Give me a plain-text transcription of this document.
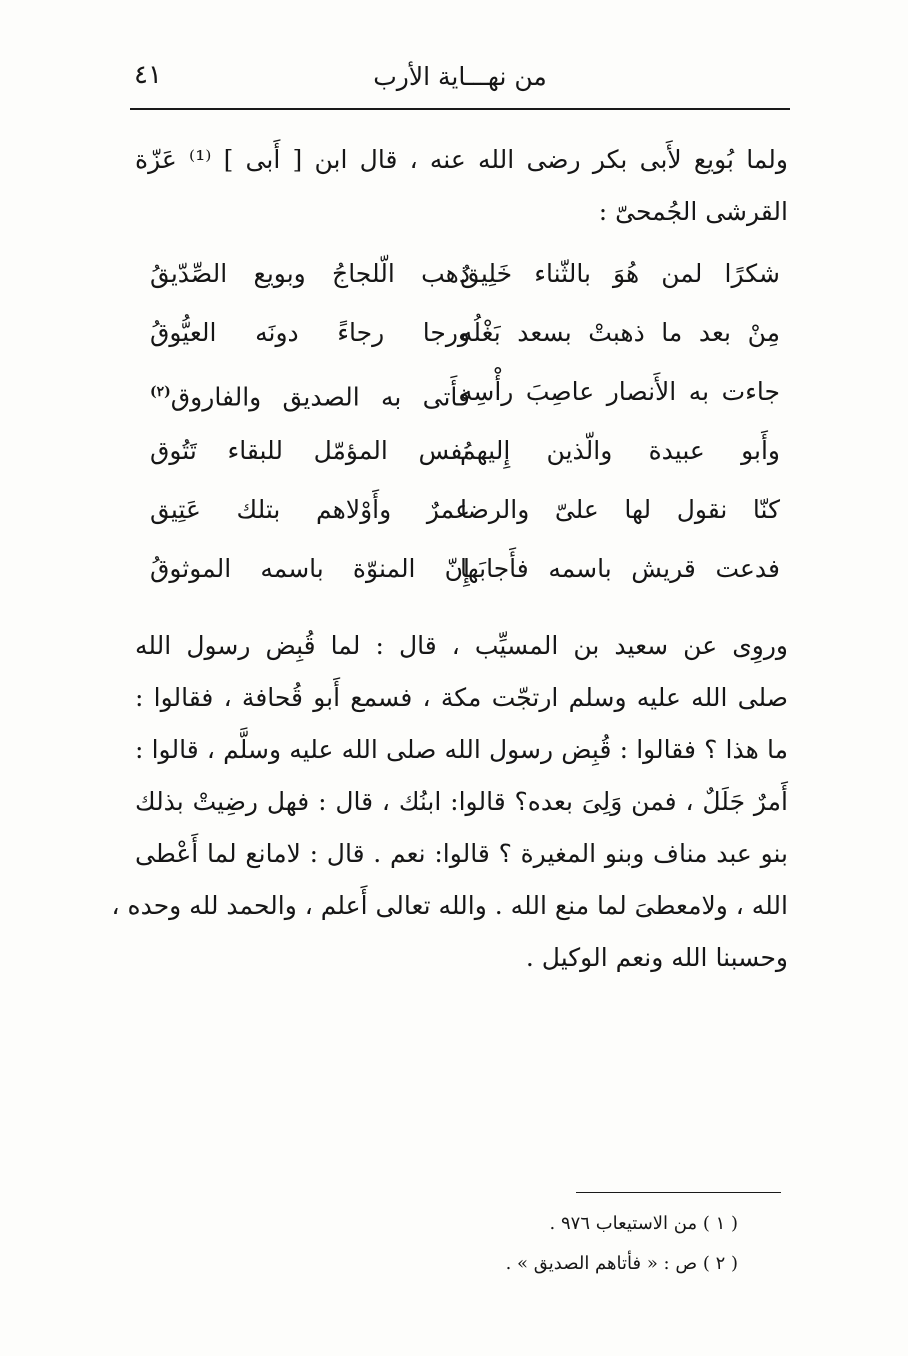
من نهـــاية الأرب
٤١
ولما بُويع لأَبى بكر رضى الله عنه ، قال ابن [ أَبى ] ⁽¹⁾ عَزّة
القرشى الجُمحىّ :
شكرًا لمن هُوَ بالثّناء خَلِيقُ
ذهب الّلجاجُ وبويع الصِّدّيقُ
مِنْ بعد ما ذهبتْ بسعد بَغْلُه
ورجا رجاءً دونَه العيُّوقُ
جاءت به الأَنصار عاصِبَ رأْسِه
فأَتى به الصديق والفاروق$^{(٢)}$
وأَبو عبيدة والّذين إِليهمُ
نفس المؤمّل للبقاء تَتُوق
كنّا نقول لها علىّ والرضا
عمرٌ وأَوْلاهم بتلك عَتِيق
فدعت قريش باسمه فأَجابَها
إِنّ المنوّة باسمه الموثوقُ
وروِى عن سعيد بن المسيِّب ، قال : لما قُبِض رسول الله
صلى الله عليه وسلم ارتجّت مكة ، فسمع أَبو قُحافة ، فقالوا :
ما هذا ؟ فقالوا : قُبِض رسول الله صلى الله عليه وسلَّم ، قالوا :
أَمرٌ جَلَلٌ ، فمن وَلِىَ بعده؟ قالوا: ابنُك ، قال : فهل رضِيتْ بذلك
بنو عبد مناف وبنو المغيرة ؟ قالوا: نعم . قال : لامانع لما أَعْطى
الله ، ولامعطىَ لما منع الله . والله تعالى أَعلم ، والحمد لله وحده ،
وحسبنا الله ونعم الوكيل .
( ١ ) من الاستيعاب ٩٧٦ .
( ٢ ) ص : « فأتاهم الصديق » .
